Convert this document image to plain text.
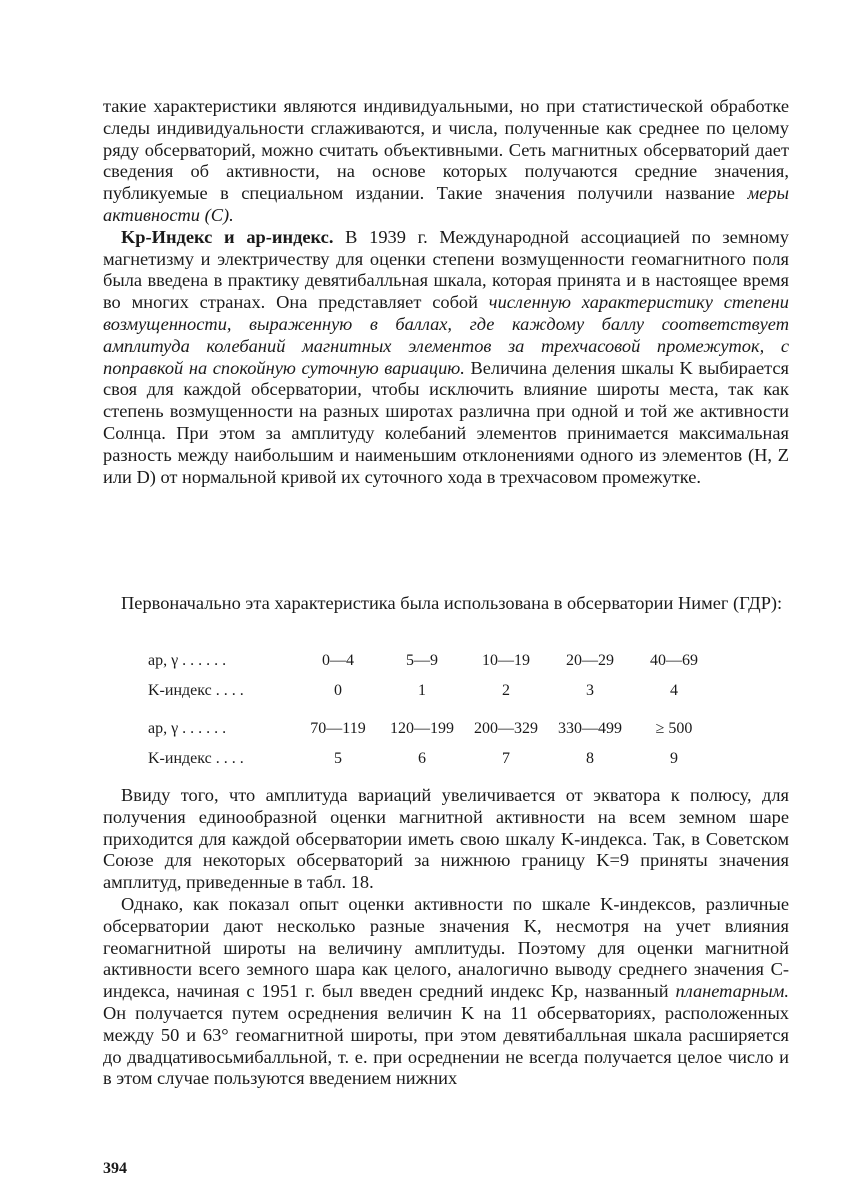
такие характеристики являются индивидуальными, но при статистической обработке следы индивидуальности сглаживаются, и числа, полученные как среднее по целому ряду обсерваторий, можно считать объективными. Сеть магнитных обсерваторий дает сведения об активности, на основе которых получаются средние значения, публикуемые в специальном издании. Такие значения получили название меры активности (С).

Kр-Индекс и aр-индекс. В 1939 г. Международной ассоциацией по земному магнетизму и электричеству для оценки степени возмущенности геомагнитного поля была введена в практику девятибалльная шкала, которая принята и в настоящее время во многих странах. Она представляет собой численную характеристику степени возмущенности, выраженную в баллах, где каждому баллу соответствует амплитуда колебаний магнитных элементов за трехчасовой промежуток, с поправкой на спокойную суточную вариацию. Величина деления шкалы K выбирается своя для каждой обсерватории, чтобы исключить влияние широты места, так как степень возмущенности на разных широтах различна при одной и той же активности Солнца. При этом за амплитуду колебаний элементов принимается максимальная разность между наибольшим и наименьшим отклонениями одного из элементов (H, Z или D) от нормальной кривой их суточного хода в трехчасовом промежутке.

Первоначально эта характеристика была использована в обсерватории Нимег (ГДР):

aр, γ . . . . . .	0—4	5—9	10—19	20—29	40—69
K-индекс . . . .	0	1	2	3	4

aр, γ . . . . . .	70—119	120—199	200—329	330—499	≥ 500
K-индекс . . . .	5	6	7	8	9

Ввиду того, что амплитуда вариаций увеличивается от экватора к полюсу, для получения единообразной оценки магнитной активности на всем земном шаре приходится для каждой обсерватории иметь свою шкалу K-индекса. Так, в Советском Союзе для некоторых обсерваторий за нижнюю границу K=9 приняты значения амплитуд, приведенные в табл. 18.

Однако, как показал опыт оценки активности по шкале K-индексов, различные обсерватории дают несколько разные значения K, несмотря на учет влияния геомагнитной широты на величину амплитуды. Поэтому для оценки магнитной активности всего земного шара как целого, аналогично выводу среднего значения C-индекса, начиная с 1951 г. был введен средний индекс Kр, названный планетарным. Он получается путем осреднения величин K на 11 обсерваториях, расположенных между 50 и 63° геомагнитной широты, при этом девятибалльная шкала расширяется до двадцативосьмибалльной, т. е. при осреднении не всегда получается целое число и в этом случае пользуются введением нижних

394
